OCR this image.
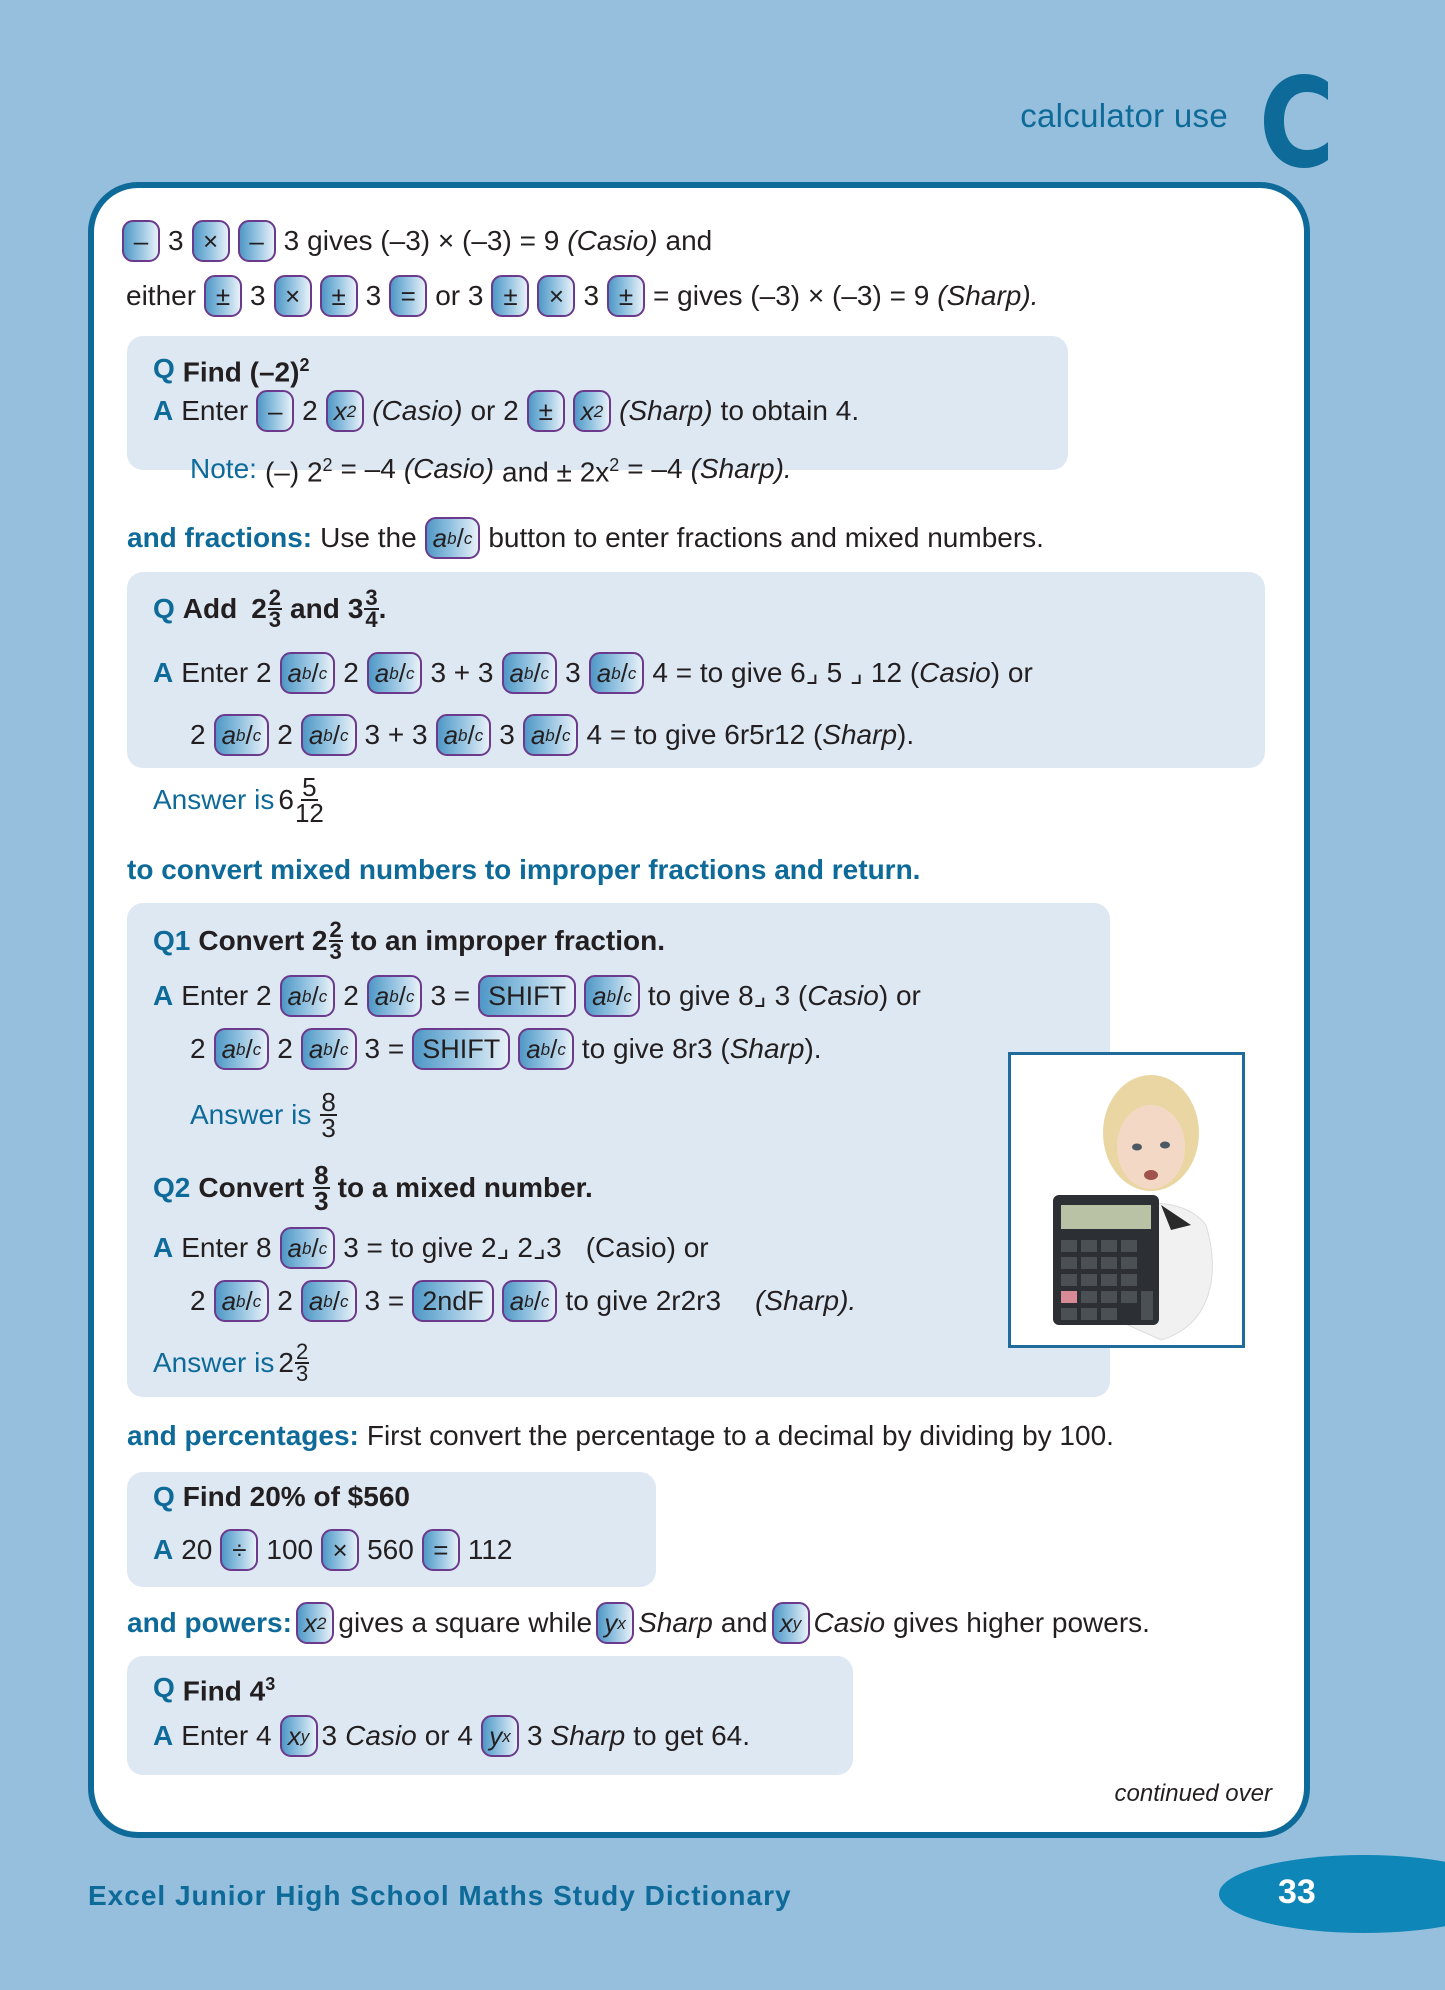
calculator use
– 3 ×	– 3 gives (–3) × (–3) = 9 (Casio) and
either ± 3 ×	± 3 = or 3 ±	× 3 ± = gives (–3) × (–3) = 9 (Sharp).
Q Find $(-2)^2$
A Enter – 2 x 2 (Casio) or 2 ±	x 2 (Sharp) to obtain 4.
Note: (–) $2^2 = -4$ (Casio) and ± $2x^2 = -4$ (Sharp).
and fractions: Use the a b / c button to enter fractions and mixed numbers.
Q Add $2 \frac{2}{3}$ and $3 \frac{3}{4}$ .
A Enter 2 a b / c 2 a b / c 3 + 3 a b / c 3 a b / c 4 = to give 6⌟ 5 ⌟ 12 (Casio) or
2 a b / c 2 a b / c 3 + 3 a b / c 3 a b / c 4 = to give 6r5r12 (Sharp).
Answer is $6 \frac{5}{12}$
to convert mixed numbers to improper fractions and return.
Q1 Convert $2 \frac{2}{3}$ to an improper fraction.
A Enter 2 a b / c 2 a b / c 3 = SHIFT	a b / c to give 8⌟ 3 (Casio) or
2 a b / c 2 a b / c 3 = SHIFT	a b / c to give 8r3 (Sharp).
Answer is $\frac{8}{3}$
Q2 Convert $\frac{8}{3}$ to a mixed number.
A Enter 8 a b / c 3 = to give 2⌟ 2⌟3 (Casio) or
2 a b / c 2 a b / c 3 = 2ndF	a b / c to give 2r2r3 (Sharp).
Answer is $2 \frac{2}{3}$
and percentages: First convert the percentage to a decimal by dividing by 100.
Q Find 20% of $560
A 20 ÷ 100 × 560 = 112
and powers: x 2 gives a square while y x Sharp and x y Casio gives higher powers.
Q Find $4^3$
A Enter 4 x y 3 Casio or 4 y x 3 Sharp to get 64.
continued over
Excel Junior High School Maths Study Dictionary	33
